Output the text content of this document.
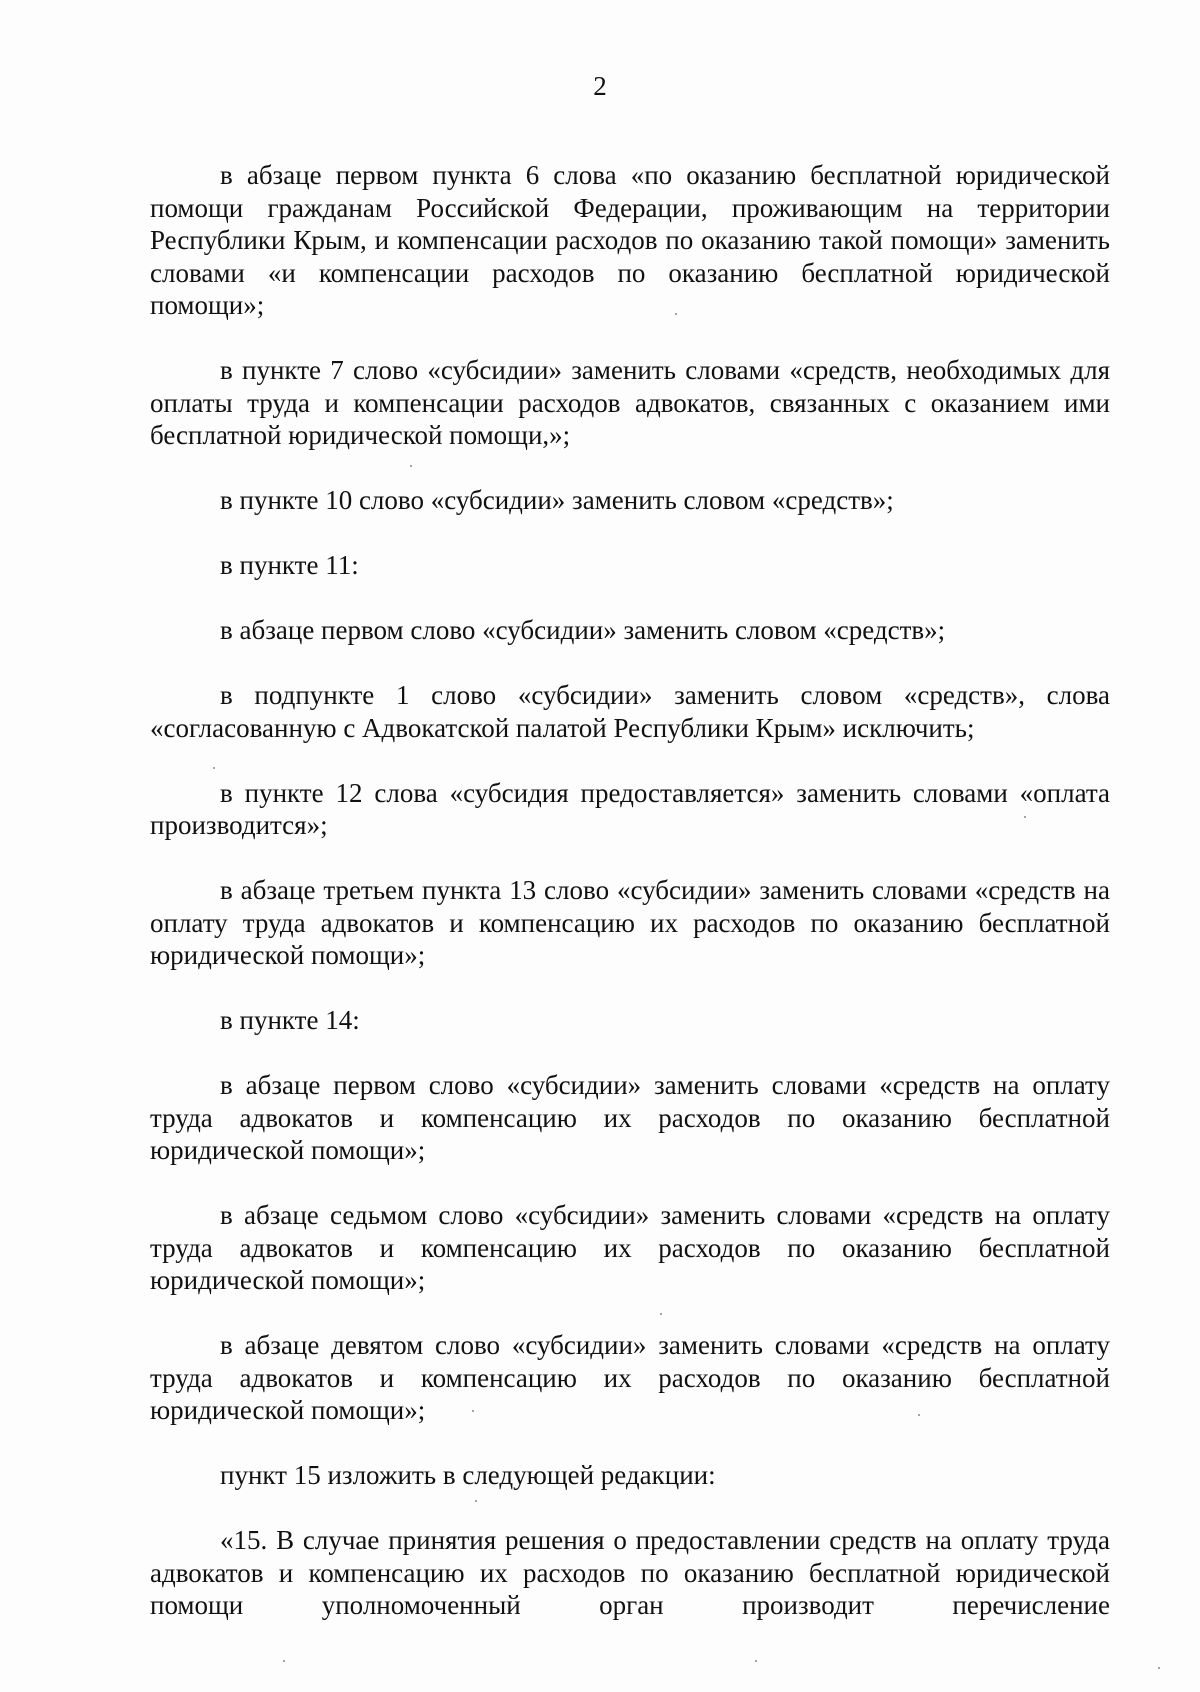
2

в абзаце первом пункта 6 слова «по оказанию бесплатной юридической помощи гражданам Российской Федерации, проживающим на территории Республики Крым, и компенсации расходов по оказанию такой помощи» заменить словами «и компенсации расходов по оказанию бесплатной юридической помощи»;

в пункте 7 слово «субсидии» заменить словами «средств, необходимых для оплаты труда и компенсации расходов адвокатов, связанных с оказанием ими бесплатной юридической помощи,»;

в пункте 10 слово «субсидии» заменить словом «средств»;

в пункте 11:

в абзаце первом слово «субсидии» заменить словом «средств»;

в подпункте 1 слово «субсидии» заменить словом «средств», слова «согласованную с Адвокатской палатой Республики Крым» исключить;

в пункте 12 слова «субсидия предоставляется» заменить словами «оплата производится»;

в абзаце третьем пункта 13 слово «субсидии» заменить словами «средств на оплату труда адвокатов и компенсацию их расходов по оказанию бесплатной юридической помощи»;

в пункте 14:

в абзаце первом слово «субсидии» заменить словами «средств на оплату труда адвокатов и компенсацию их расходов по оказанию бесплатной юридической помощи»;

в абзаце седьмом слово «субсидии» заменить словами «средств на оплату труда адвокатов и компенсацию их расходов по оказанию бесплатной юридической помощи»;

в абзаце девятом слово «субсидии» заменить словами «средств на оплату труда адвокатов и компенсацию их расходов по оказанию бесплатной юридической помощи»;

пункт 15 изложить в следующей редакции:

«15. В случае принятия решения о предоставлении средств на оплату труда адвокатов и компенсацию их расходов по оказанию бесплатной юридической помощи уполномоченный орган производит перечисление
